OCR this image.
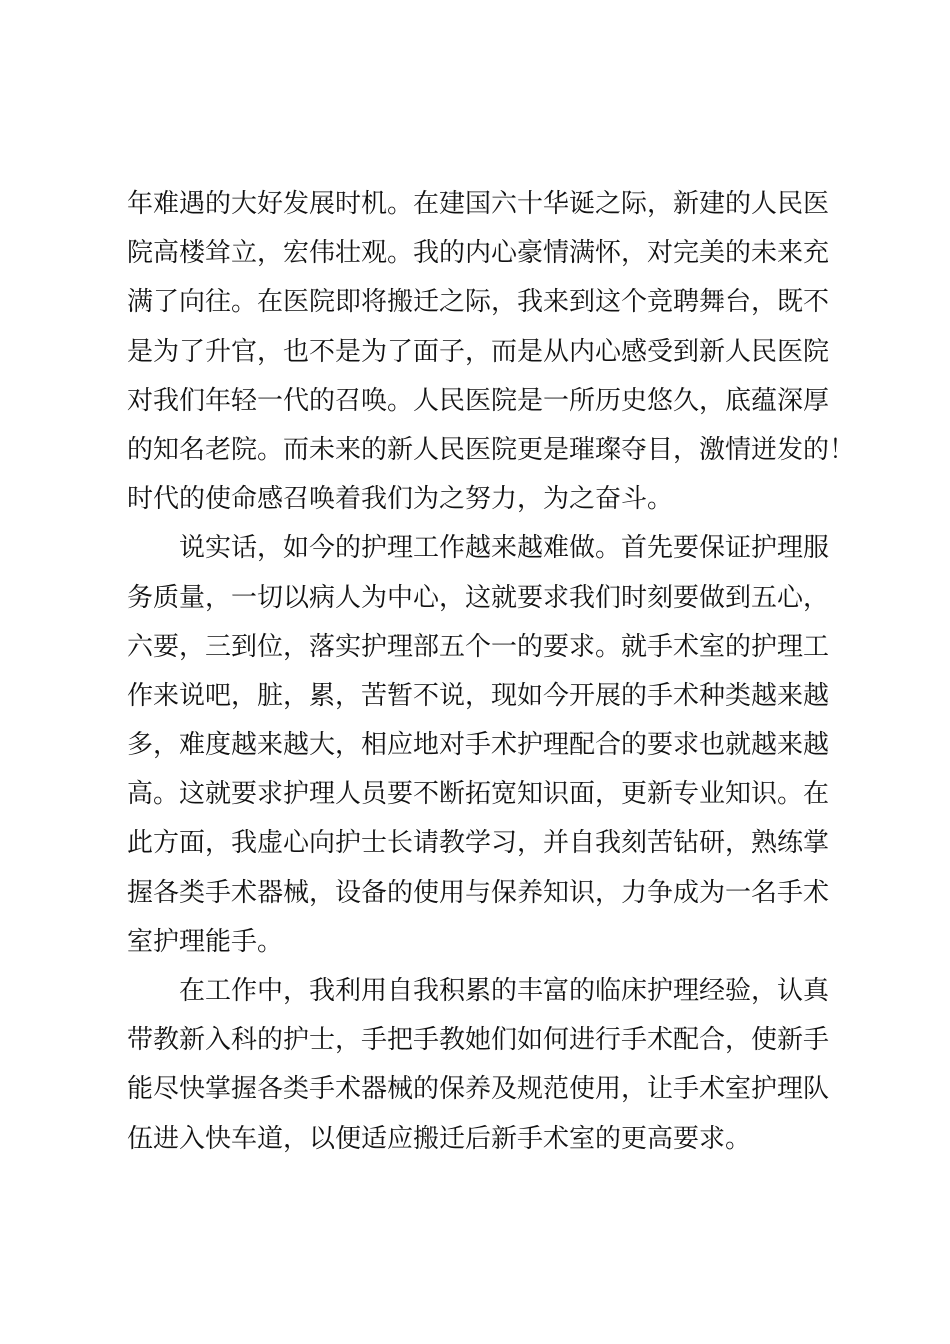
年难遇的大好发展时机。在建国六十华诞之际，新建的人民医
院高楼耸立，宏伟壮观。我的内心豪情满怀，对完美的未来充
满了向往。在医院即将搬迁之际，我来到这个竞聘舞台，既不
是为了升官，也不是为了面子，而是从内心感受到新人民医院
对我们年轻一代的召唤。人民医院是一所历史悠久，底蕴深厚
的知名老院。而未来的新人民医院更是璀璨夺目，激情迸发的！
时代的使命感召唤着我们为之努力，为之奋斗。
说实话，如今的护理工作越来越难做。首先要保证护理服
务质量，一切以病人为中心，这就要求我们时刻要做到五心，
六要，三到位，落实护理部五个一的要求。就手术室的护理工
作来说吧，脏，累，苦暂不说，现如今开展的手术种类越来越
多，难度越来越大，相应地对手术护理配合的要求也就越来越
高。这就要求护理人员要不断拓宽知识面，更新专业知识。在
此方面，我虚心向护士长请教学习，并自我刻苦钻研，熟练掌
握各类手术器械，设备的使用与保养知识，力争成为一名手术
室护理能手。
在工作中，我利用自我积累的丰富的临床护理经验，认真
带教新入科的护士，手把手教她们如何进行手术配合，使新手
能尽快掌握各类手术器械的保养及规范使用，让手术室护理队
伍进入快车道，以便适应搬迁后新手术室的更高要求。
